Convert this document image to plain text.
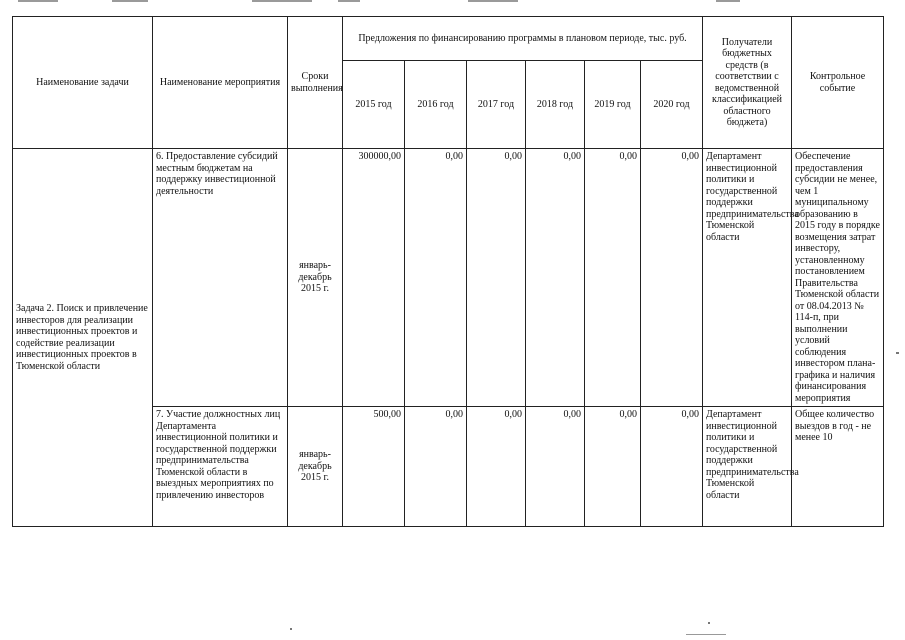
Наименование задачи	Наименование мероприятия	Сроки выполнения	Предложения по финансированию программы в плановом периоде, тыс. руб.						Получатели бюджетных средств (в соответствии с ведомственной классификацией областного бюджета)	Контрольное событие
			2015 год	2016 год	2017 год	2018 год	2019 год	2020 год		
Задача 2. Поиск и привлечение инвесторов для реализации инвестиционных проектов и содействие реализации инвестиционных проектов в Тюменской области	6. Предоставление субсидий местным бюджетам на поддержку инвестиционной деятельности	январь-декабрь 2015 г.	300000,00	0,00	0,00	0,00	0,00	0,00	Департамент инвестиционной политики и государственной поддержки предпринимательства Тюменской области	Обеспечение предоставления субсидии не менее, чем 1 муниципальному образованию в 2015 году в порядке возмещения затрат инвестору, установленному постановлением Правительства Тюменской области от 08.04.2013 № 114-п, при выполнении условий соблюдения инвестором плана-графика и наличия финансирования мероприятия
	7. Участие должностных лиц Департамента инвестиционной политики и государственной поддержки предпринимательства Тюменской области в выездных мероприятиях по привлечению инвесторов	январь-декабрь 2015 г.	500,00	0,00	0,00	0,00	0,00	0,00	Департамент инвестиционной политики и государственной поддержки предпринимательства Тюменской области	Общее количество выездов в год - не менее 10
